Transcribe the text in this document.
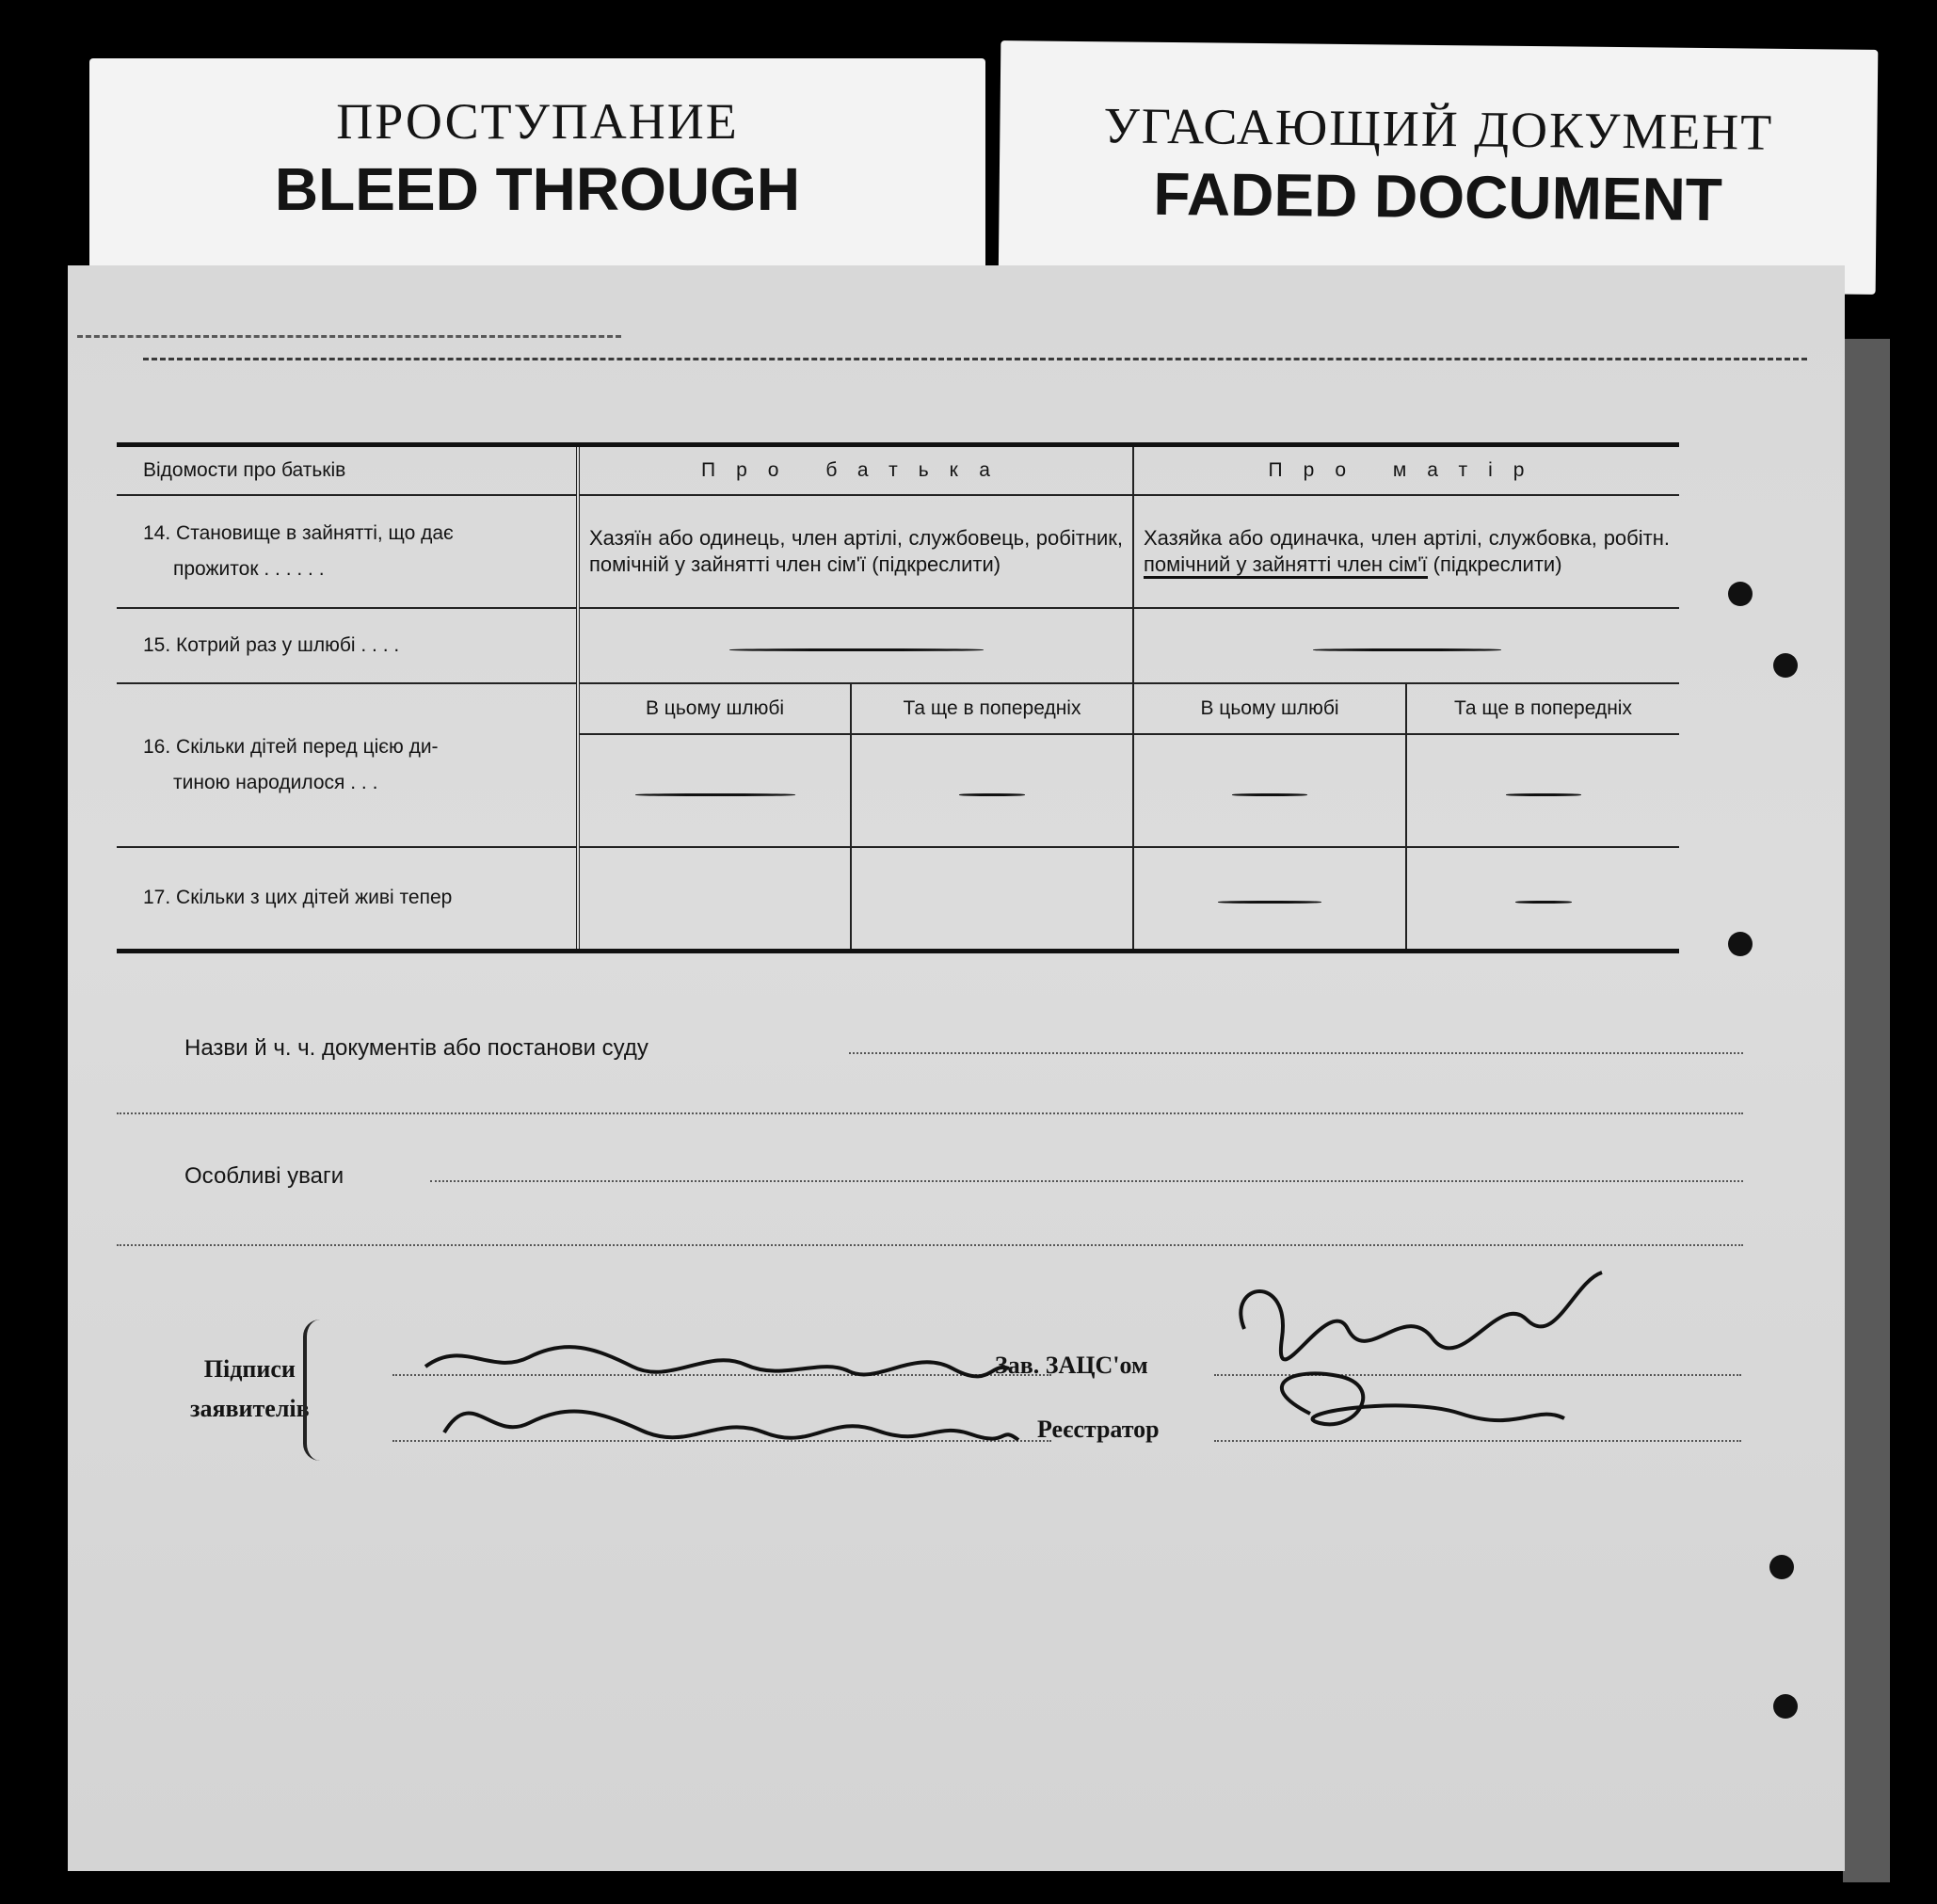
ПРОСТУПАНИЕ
BLEED THROUGH
УГАСАЮЩИЙ ДОКУМЕНТ
FADED DOCUMENT
Відомости про батьків	Про батька		Про матір	

14. Становище в зайнятті, що дає
прожиток . . . . . .	Хазяїн або одинець, член артілі, службовець, робітник, помічній у зайнятті член сім'ї (підкреслити)		Хазяйка або одиначка, член артілі, службовка, робітн. помічний у зайнятті член сім'ї (підкреслити)	
15. Котрий раз у шлюбі . . . .				

16. Скільки дітей перед цією ди-
тиною народилося . . .	В цьому шлюбі	Та ще в попередніх	В цьому шлюбі	Та ще в попередніх

17. Скільки з цих дітей живі тепер				
Назви й ч. ч. документів або постанови суду
Особливі уваги
Підписи
заявителів
Зав. ЗАЦС'ом
Реєстратор
